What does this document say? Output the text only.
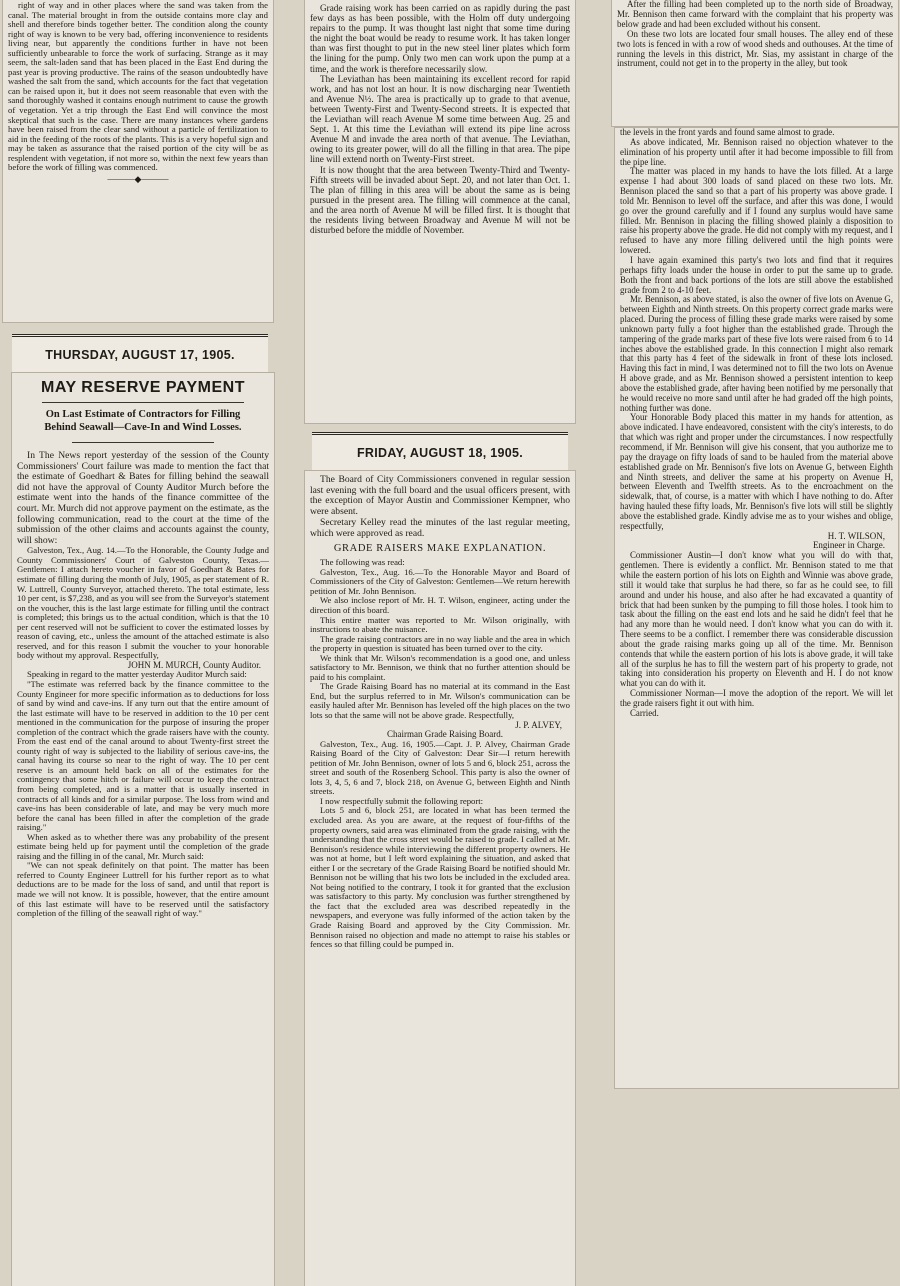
right of way and in other places where the sand was taken from the canal. The material brought in from the outside contains more clay and shell and therefore binds together better. The condition along the county right of way is known to be very bad, offering inconvenience to residents living near, but apparently the conditions further in have not been sufficiently unbearable to force the work of surfacing. Strange as it may seem, the salt-laden sand that has been placed in the East End during the past year is proving productive. The rains of the season undoubtedly have washed the salt from the sand, which accounts for the fact that vegetation can be raised upon it, but it does not seem reasonable that even with the sand thoroughly washed it contains enough nutriment to cause the growth of vegetation. Yet a trip through the East End will convince the most skeptical that such is the case. There are many instances where gardens have been raised from the clear sand without a particle of fertilization to aid in the feeding of the roots of the plants. This is a very hopeful sign and may be taken as assurance that the raised portion of the city will be as resplendent with vegetation, if not more so, within the next few years than before the work of filling was commenced.

———◆———
THURSDAY, AUGUST 17, 1905.
MAY RESERVE PAYMENT
On Last Estimate of Contractors for Filling Behind Seawall—Cave-In and Wind Losses.

In The News report yesterday of the session of the County Commissioners' Court failure was made to mention the fact that the estimate of Goedhart & Bates for filling behind the seawall did not have the approval of County Auditor Murch before the estimate went into the hands of the finance committee of the court. Mr. Murch did not approve payment on the estimate, as the following communication, read to the court at the time of the submission of the other claims and accounts against the county, will show:

Galveston, Tex., Aug. 14.—To the Honorable, the County Judge and County Commissioners' Court of Galveston County, Texas.—Gentlemen: I attach hereto voucher in favor of Goedhart & Bates for estimate of filling during the month of July, 1905, as per statement of R. W. Luttrell, County Surveyor, attached thereto. The total estimate, less 10 per cent, is $7,238, and as you will see from the Surveyor's statement on the voucher, this is the last large estimate for filling until the contract is completed; this brings us to the actual condition, which is that the 10 per cent reserved will not be sufficient to cover the estimated losses by reason of caving, etc., unless the amount of the attached estimate is also reserved, and for this reason I submit the voucher to your honorable body without my approval. Respectfully,

JOHN M. MURCH, County Auditor.

Speaking in regard to the matter yesterday Auditor Murch said:

"The estimate was referred back by the finance committee to the County Engineer for more specific information as to deductions for loss of sand by wind and cave-ins. If any turn out that the entire amount of the last estimate will have to be reserved in addition to the 10 per cent mentioned in the communication for the purpose of insuring the proper completion of the contract which the grade raisers have with the county. From the east end of the canal around to about Twenty-first street the county right of way is subjected to the liability of serious cave-ins, the canal having its course so near to the right of way. The 10 per cent reserve is an amount held back on all of the estimates for the contingency that some hitch or failure will occur to keep the contract from being completed, and is a matter that is usually inserted in contracts of all kinds and for a similar purpose. The loss from wind and cave-ins has been considerable of late, and may be very much more before the canal has been filled in after the completion of the grade raising."

When asked as to whether there was any probability of the present estimate being held up for payment until the completion of the grade raising and the filling in of the canal, Mr. Murch said:

"We can not speak definitely on that point. The matter has been referred to County Engineer Luttrell for his further report as to what deductions are to be made for the loss of sand, and until that report is made we will not know. It is possible, however, that the entire amount of this last estimate will have to be reserved until the satisfactory completion of the filling of the seawall right of way."

Grade raising work has been carried on as rapidly during the past few days as has been possible, with the Holm off duty undergoing repairs to the pump. It was thought last night that some time during the night the boat would be ready to resume work. It has taken longer than was first thought to put in the new steel liner plates which form the lining for the pump. Only two men can work upon the pump at a time, and the work is therefore necessarily slow.

The Leviathan has been maintaining its excellent record for rapid work, and has not lost an hour. It is now discharging near Twentieth and Avenue N½. The area is practically up to grade to that avenue, between Twenty-First and Twenty-Second streets. It is expected that the Leviathan will reach Avenue M some time between Aug. 25 and Sept. 1. At this time the Leviathan will extend its pipe line across Avenue M and invade the area north of that avenue. The Leviathan, owing to its greater power, will do all the filling in that area. The pipe line will extend north on Twenty-First street.

It is now thought that the area between Twenty-Third and Twenty-Fifth streets will be invaded about Sept. 20, and not later than Oct. 1. The plan of filling in this area will be about the same as is being pursued in the present area. The filling will commence at the canal, and the area north of Avenue M will be filled first. It is thought that the residents living between Broadway and Avenue M will not be disturbed before the middle of November.

FRIDAY, AUGUST 18, 1905.

The Board of City Commissioners convened in regular session last evening with the full board and the usual officers present, with the exception of Mayor Austin and Commissioner Kempner, who were absent.

Secretary Kelley read the minutes of the last regular meeting, which were approved as read.

GRADE RAISERS MAKE EXPLANATION.

The following was read:

Galveston, Tex., Aug. 16.—To the Honorable Mayor and Board of Commissioners of the City of Galveston: Gentlemen—We return herewith petition of Mr. John Bennison.

We also inclose report of Mr. H. T. Wilson, engineer, acting under the direction of this board.

This entire matter was reported to Mr. Wilson originally, with instructions to abate the nuisance.

The grade raising contractors are in no way liable and the area in which the property in question is situated has been turned over to the city.

We think that Mr. Wilson's recommendation is a good one, and unless satisfactory to Mr. Bennison, we think that no further attention should be paid to his complaint.

The Grade Raising Board has no material at its command in the East End, but the surplus referred to in Mr. Wilson's communication can be easily hauled after Mr. Bennison has leveled off the high places on the two lots so that the same will not be above grade. Respectfully,

J. P. ALVEY,

Chairman Grade Raising Board.

Galveston, Tex., Aug. 16, 1905.—Capt. J. P. Alvey, Chairman Grade Raising Board of the City of Galveston: Dear Sir—I return herewith petition of Mr. John Bennison, owner of lots 5 and 6, block 251, across the street and south of the Rosenberg School. This party is also the owner of lots 3, 4, 5, 6 and 7, block 218, on Avenue G, between Eighth and Ninth streets.

I now respectfully submit the following report:

Lots 5 and 6, block 251, are located in what has been termed the excluded area. As you are aware, at the request of four-fifths of the property owners, said area was eliminated from the grade raising, with the understanding that the cross street would be raised to grade. I called at Mr. Bennison's residence while interviewing the different property owners. He was not at home, but I left word explaining the situation, and asked that either I or the secretary of the Grade Raising Board be notified should Mr. Bennison not be willing that his two lots be included in the excluded area. Not being notified to the contrary, I took it for granted that the exclusion was satisfactory to this party. My conclusion was further strengthened by the fact that the excluded area was described repeatedly in the newspapers, and everyone was fully informed of the action taken by the Grade Raising Board and approved by the City Commission. Mr. Bennison raised no objection and made no attempt to raise his stables or fences so that filling could be pumped in.

After the filling had been completed up to the north side of Broadway, Mr. Bennison then came forward with the complaint that his property was below grade and had been excluded without his consent.

On these two lots are located four small houses. The alley end of these two lots is fenced in with a row of wood sheds and outhouses. At the time of running the levels in this district, Mr. Sias, my assistant in charge of the instrument, could not get in to the property in the alley, but took

the levels in the front yards and found same almost to grade.

As above indicated, Mr. Bennison raised no objection whatever to the elimination of his property until after it had become impossible to fill from the pipe line.

The matter was placed in my hands to have the lots filled. At a large expense I had about 300 loads of sand placed on these two lots. Mr. Bennison placed the sand so that a part of his property was above grade. I told Mr. Bennison to level off the surface, and after this was done, I would go over the ground carefully and if I found any surplus would have same filled. Mr. Bennison in placing the filling showed plainly a disposition to raise his property above the grade. He did not comply with my request, and I refused to have any more filling delivered until the high points were lowered.

I have again examined this party's two lots and find that it requires perhaps fifty loads under the house in order to put the same up to grade. Both the front and back portions of the lots are still above the established grade from 2 to 4-10 feet.

Mr. Bennison, as above stated, is also the owner of five lots on Avenue G, between Eighth and Ninth streets. On this property correct grade marks were placed. During the process of filling these grade marks were raised by some unknown party fully a foot higher than the established grade. Through the tampering of the grade marks part of these five lots were raised from 6 to 14 inches above the established grade. In this connection I might also remark that this party has 4 feet of the sidewalk in front of these lots inclosed. Having this fact in mind, I was determined not to fill the two lots on Avenue H above grade, and as Mr. Bennison showed a persistent intention to keep above the established grade, after having been notified by me personally that he would receive no more sand until after he had graded off the high points, nothing further was done.

Your Honorable Body placed this matter in my hands for attention, as above indicated. I have endeavored, consistent with the city's interests, to do that which was right and proper under the circumstances. I now respectfully recommend, if Mr. Bennison will give his consent, that you authorize me to pay the drayage on fifty loads of sand to be hauled from the material above established grade on Mr. Bennison's five lots on Avenue G, between Eighth and Ninth streets, and deliver the same at his property on Avenue H, between Eleventh and Twelfth streets. As to the encroachment on the sidewalk, that, of course, is a matter with which I have nothing to do. After having hauled these fifty loads, Mr. Bennison's five lots will still be slightly above the established grade. Kindly advise me as to your wishes and oblige, respectfully,

H. T. WILSON,

Engineer in Charge.

Commissioner Austin—I don't know what you will do with that, gentlemen. There is evidently a conflict. Mr. Bennison stated to me that while the eastern portion of his lots on Eighth and Winnie was above grade, still it would take that surplus he had there, so far as he could see, to fill around and under his house, and also after he had excavated a quantity of brick that had been sunken by the pumping to fill those holes. I took him to task about the filling on the east end lots and he said he didn't feel that he had any more than he would need. I don't know what you can do with it. There seems to be a conflict. I remember there was considerable discussion about the grade raising marks going up all of the time. Mr. Bennison contends that while the eastern portion of his lots is above grade, it will take all of the surplus he has to fill the western part of his property to grade, not taking into consideration his property on Eleventh and H. I do not know what you can do with it.

Commissioner Norman—I move the adoption of the report. We will let the grade raisers fight it out with him.

Carried.
